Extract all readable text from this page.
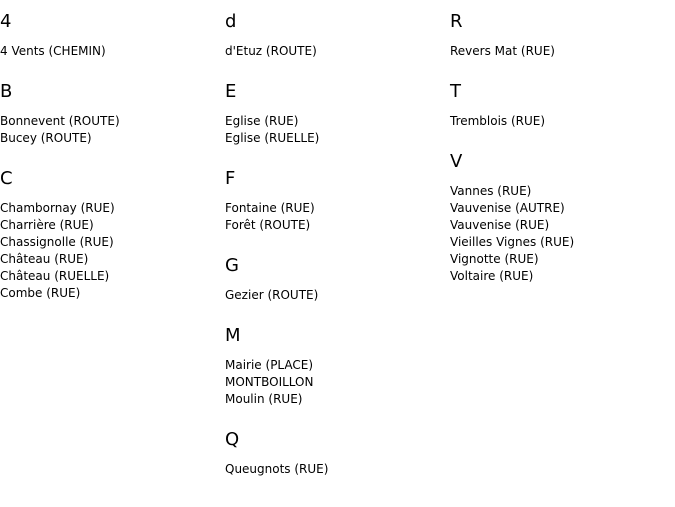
4
4 Vents (CHEMIN)
B
Bonnevent (ROUTE)
Bucey (ROUTE)
C
Chambornay (RUE)
Charrière (RUE)
Chassignolle (RUE)
Château (RUE)
Château (RUELLE)
Combe (RUE)
d
d'Etuz (ROUTE)
E
Eglise (RUE)
Eglise (RUELLE)
F
Fontaine (RUE)
Forêt (ROUTE)
G
Gezier (ROUTE)
M
Mairie (PLACE)
MONTBOILLON
Moulin (RUE)
Q
Queugnots (RUE)
R
Revers Mat (RUE)
T
Tremblois (RUE)
V
Vannes (RUE)
Vauvenise (AUTRE)
Vauvenise (RUE)
Vieilles Vignes (RUE)
Vignotte (RUE)
Voltaire (RUE)
